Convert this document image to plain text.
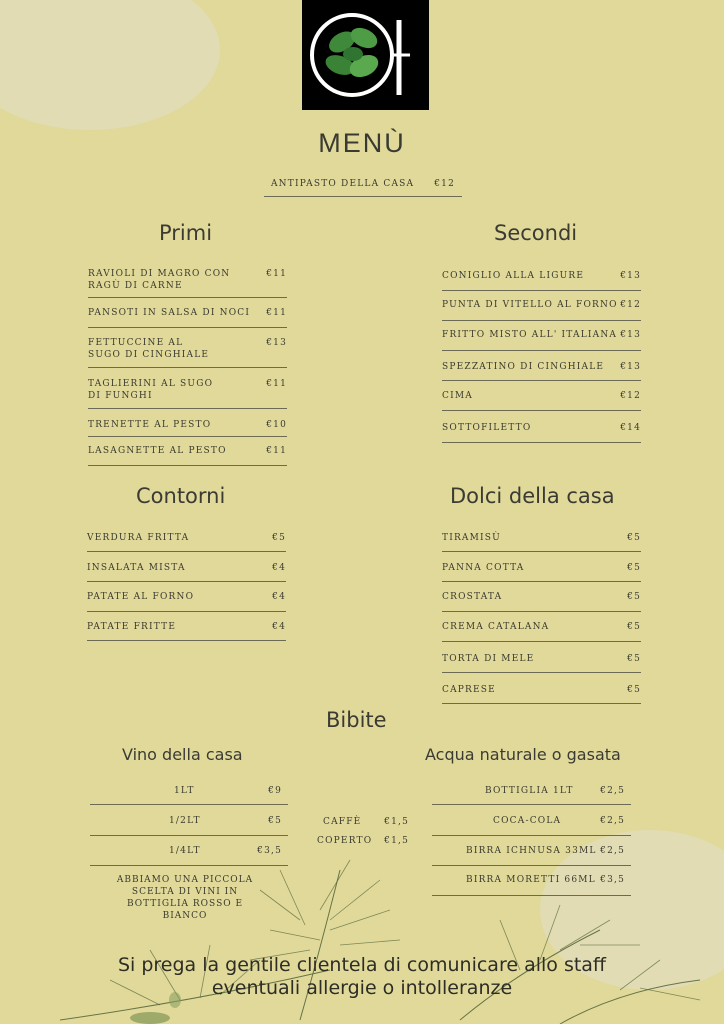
MENÙ
ANTIPASTO DELLA CASA €12
Primi	Secondi
Contorni	Dolci della casa
Bibite
Vino della casa	Acqua naturale o gasata
RAVIOLI DI MAGRO CON RAGÙ DI CARNE
€11
PANSOTI IN SALSA DI NOCI €11
FETTUCCINE AL SUGO DI CINGHIALE
€13
TAGLIERINI AL SUGO DI FUNGHI
€11
TRENETTE AL PESTO	€10
LASAGNETTE AL PESTO	€11
CONIGLIO ALLA LIGURE	€13
PUNTA DI VITELLO AL FORNO €12
FRITTO MISTO ALL' ITALIANA €13
SPEZZATINO DI CINGHIALE €13
CIMA	€12
SOTTOFILETTO	€14
VERDURA FRITTA	€5
INSALATA MISTA	€4
PATATE AL FORNO	€4
PATATE FRITTE	€4
TIRAMISÙ	€5
PANNA COTTA	€5
CROSTATA	€5
CREMA CATALANA	€5
TORTA DI MELE	€5
CAPRESE	€5
1LT	€9
1/2LT	€5
1/4LT	€3,5
ABBIAMO UNA PICCOLA SCELTA DI VINI IN BOTTIGLIA ROSSO E BIANCO
CAFFÈ	€1,5
COPERTO €1,5
BOTTIGLIA 1LT	€2,5
COCA-COLA	€2,5
BIRRA ICHNUSA 33ML €2,5
BIRRA MORETTI 66ML €3,5
Si prega la gentile clientela di comunicare allo staff
eventuali allergie o intolleranze
